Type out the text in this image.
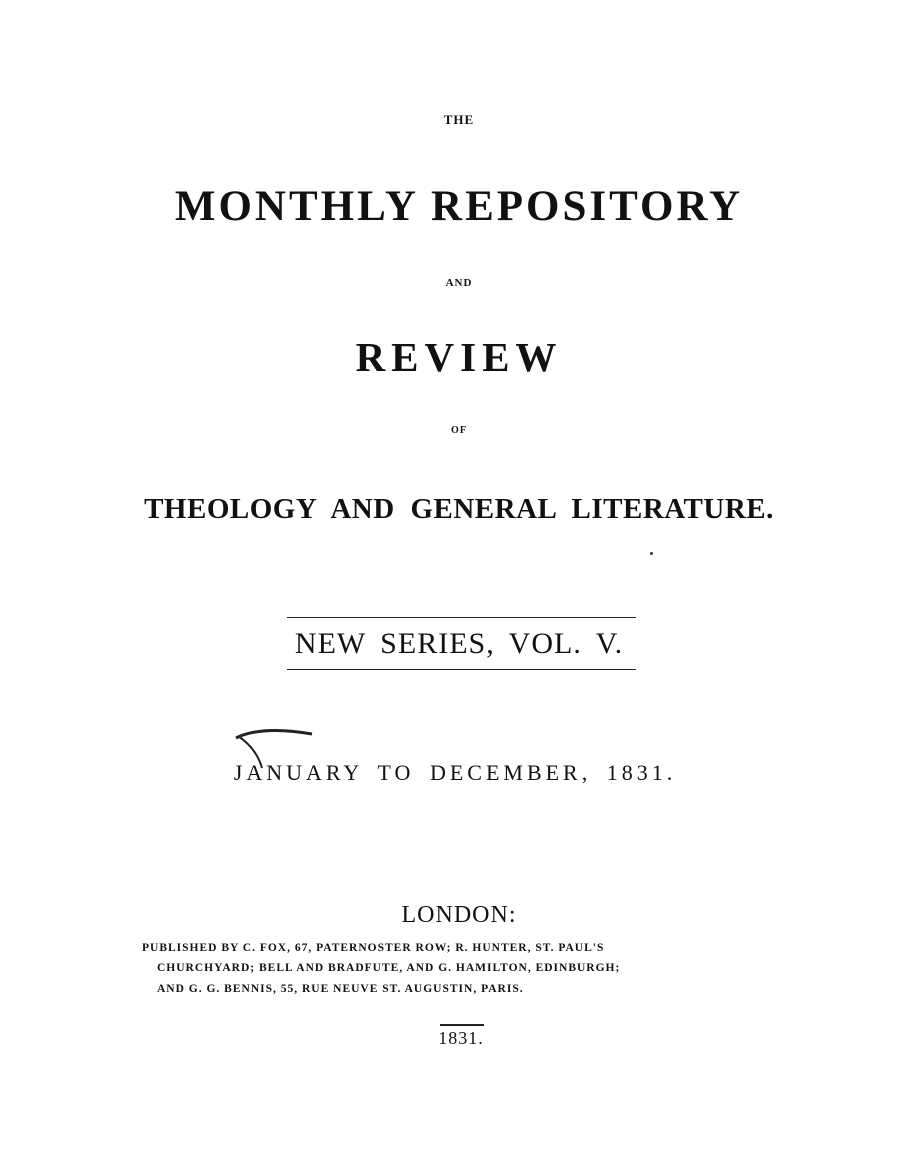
THE
MONTHLY REPOSITORY
AND
REVIEW
OF
THEOLOGY AND GENERAL LITERATURE.
NEW SERIES, VOL. V.
JANUARY TO DECEMBER, 1831.
LONDON:
PUBLISHED BY C. FOX, 67, PATERNOSTER ROW; R. HUNTER, ST. PAUL'S
CHURCHYARD; BELL AND BRADFUTE, AND G. HAMILTON, EDINBURGH;
AND G. G. BENNIS, 55, RUE NEUVE ST. AUGUSTIN, PARIS.
1831.
